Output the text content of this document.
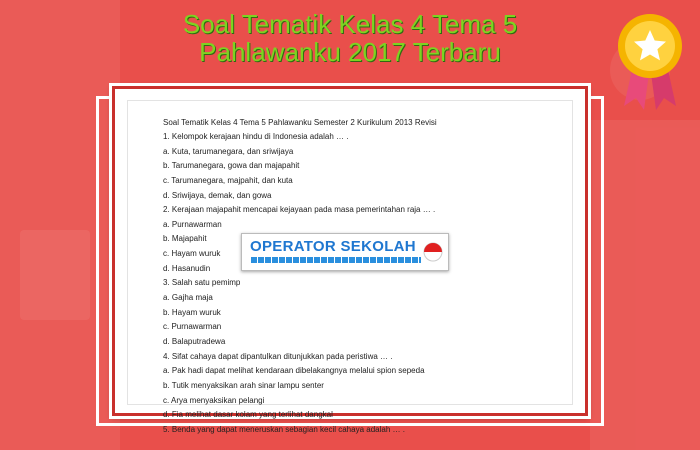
Soal Tematik Kelas 4 Tema 5
Pahlawanku 2017 Terbaru
Soal Tematik Kelas 4 Tema 5 Pahlawanku Semester 2 Kurikulum 2013 Revisi
1. Kelompok kerajaan hindu di Indonesia adalah … .
a. Kuta, tarumanegara, dan sriwijaya
b. Tarumanegara, gowa dan majapahit
c. Tarumanegara, majpahit, dan kuta
d. Sriwijaya, demak, dan gowa
2. Kerajaan majapahit mencapai kejayaan pada masa pemerintahan raja … .
a. Purnawarman
b. Majapahit
c. Hayam wuruk
d. Hasanudin
3. Salah satu pemimp
a. Gajha maja
b. Hayam wuruk
c. Purnawarman
d. Balaputradewa
4. Sifat cahaya dapat dipantulkan ditunjukkan pada peristiwa … .
a. Pak hadi dapat melihat kendaraan dibelakangnya melalui spion sepeda
b. Tutik menyaksikan arah sinar lampu senter
c. Arya menyaksikan pelangi
d. Fia melihat dasar kolam yang terlihat dangkal
5. Benda yang dapat meneruskan sebagian kecil cahaya adalah … .
OPERATOR SEKOLAH
